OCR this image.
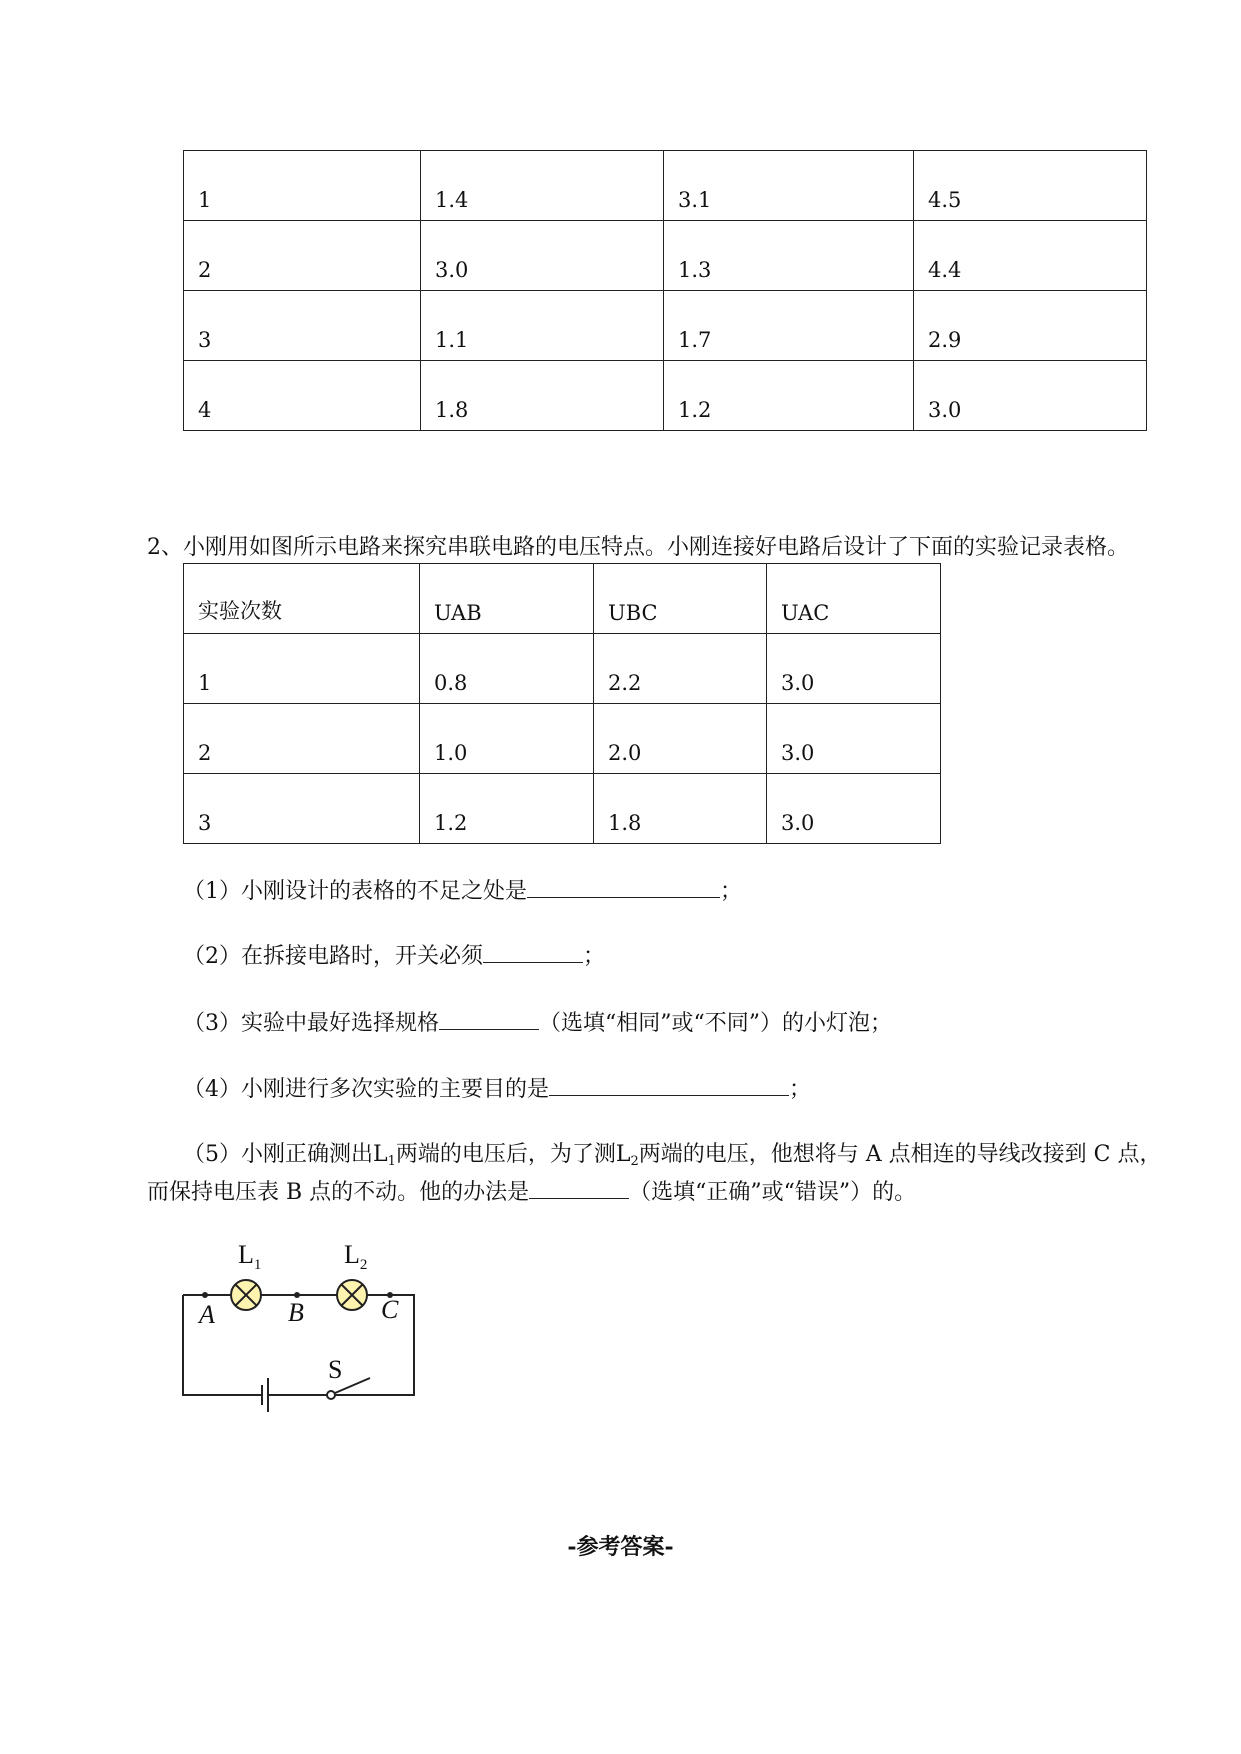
1	1.4	3.1	4.5
2	3.0	1.3	4.4
3	1.1	1.7	2.9
4	1.8	1.2	3.0
2、小刚用如图所示电路来探究串联电路的电压特点。小刚连接好电路后设计了下面的实验记录表格。
实验次数	UAB	UBC	UAC
1	0.8	2.2	3.0
2	1.0	2.0	3.0
3	1.2	1.8	3.0
（1）小刚设计的表格的不足之处是	；
（2）在拆接电路时，开关必须	；
（3）实验中最好选择规格	（选填“相同”或“不同”）的小灯泡；
（4）小刚进行多次实验的主要目的是	；
（5）小刚正确测出$L_1$两端的电压后，为了测$L_2$两端的电压，他想将与 A 点相连的导线改接到 C 点，
而保持电压表 B 点的不动。他的办法是	（选填“正确”或“错误”）的。
$L_1$	$L_2$
A	B	C
S
-参考答案-
